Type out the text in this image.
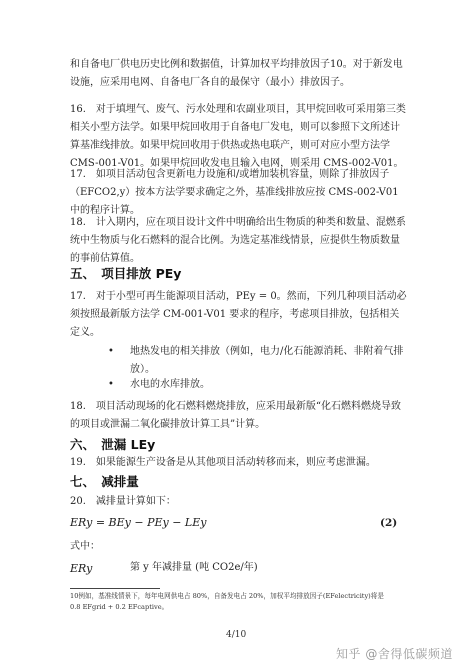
和自备电厂供电历史比例和数据值，计算加权平均排放因子10。对于新发电设施，应采用电网、自备电厂各自的最保守（最小）排放因子。
16.　对于填埋气、废气、污水处理和农副业项目，其甲烷回收可采用第三类相关小型方法学。如果甲烷回收用于自备电厂发电，则可以参照下文所述计算基准线排放。如果甲烷回收用于供热或热电联产，则可对应小型方法学 CMS-001-V01。如果甲烷回收发电且输入电网，则采用 CMS-002-V01。
17.　如项目活动包含更新电力设施和/或增加装机容量，则除了排放因子（EFCO2,y）按本方法学要求确定之外，基准线排放应按 CMS-002-V01 中的程序计算。
18.　计入期内，应在项目设计文件中明确给出生物质的种类和数量、混燃系统中生物质与化石燃料的混合比例。为选定基准线情景，应提供生物质数量的事前估算值。
五、　项目排放 PEy
17.　对于小型可再生能源项目活动，PEy = 0。然而，下列几种项目活动必须按照最新版方法学 CM-001-V01 要求的程序，考虑项目排放，包括相关定义。
• 地热发电的相关排放（例如，电力/化石能源消耗、非附着气排放）。
• 水电的水库排放。
18.　项目活动现场的化石燃料燃烧排放，应采用最新版“化石燃料燃烧导致的项目或泄漏二氧化碳排放计算工具”计算。
六、　泄漏 LEy
19.　如果能源生产设备是从其他项目活动转移而来，则应考虑泄漏。
七、　减排量
20.　减排量计算如下：
ERy = BEy − PEy − LEy	(2)
式中：
ERy	第 y 年减排量 (吨 CO2e/年)
10例如，基准线情景下，每年电网供电占 80%，自备发电占 20%，加权平均排放因子(EFelectricity)将是
0.8 EFgrid + 0.2 EFcaptive。
4/10
知乎 @舍得低碳频道
